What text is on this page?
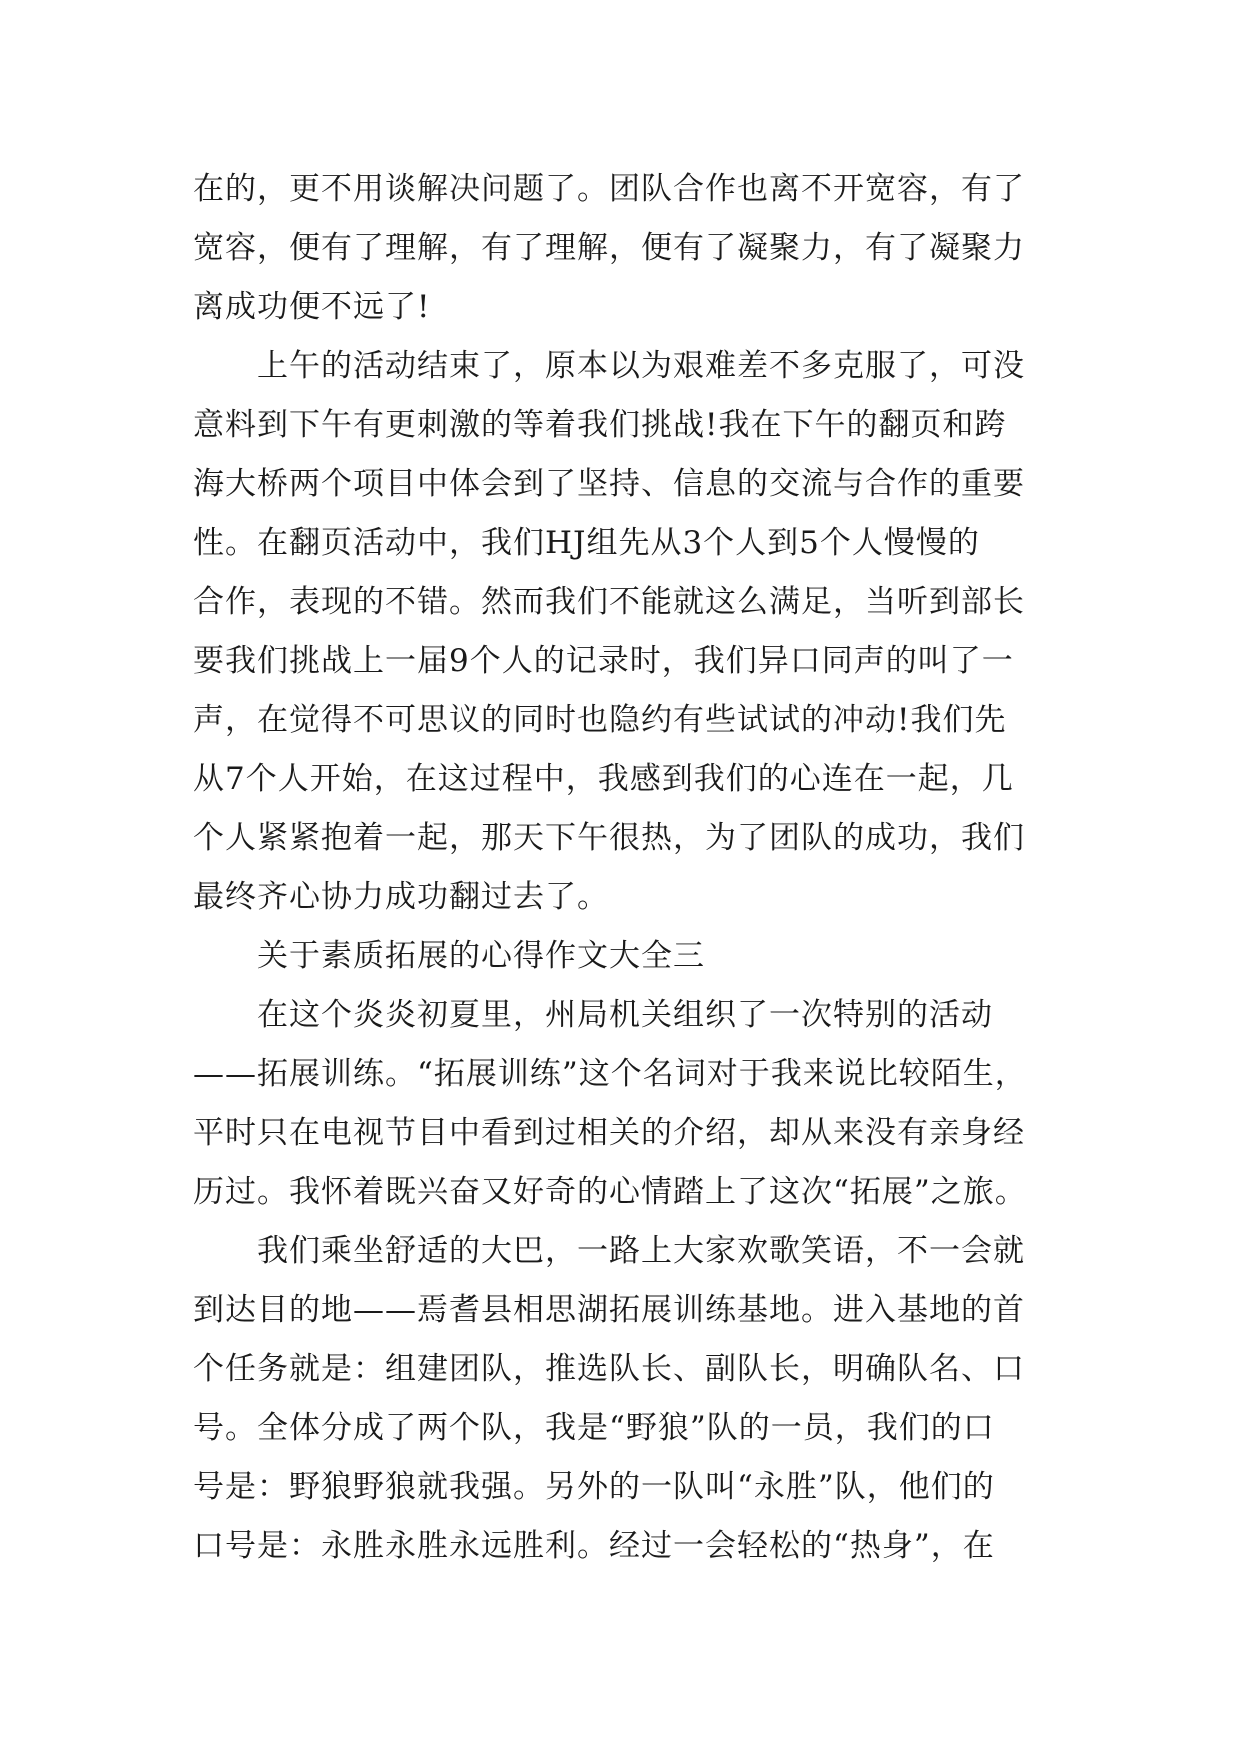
在的，更不用谈解决问题了。团队合作也离不开宽容，有了
宽容，便有了理解，有了理解，便有了凝聚力，有了凝聚力
离成功便不远了!
上午的活动结束了，原本以为艰难差不多克服了，可没
意料到下午有更刺激的等着我们挑战!我在下午的翻页和跨
海大桥两个项目中体会到了坚持、信息的交流与合作的重要
性。在翻页活动中，我们HJ组先从3个人到5个人慢慢的
合作，表现的不错。然而我们不能就这么满足，当听到部长
要我们挑战上一届9个人的记录时，我们异口同声的叫了一
声，在觉得不可思议的同时也隐约有些试试的冲动!我们先
从7个人开始，在这过程中，我感到我们的心连在一起，几
个人紧紧抱着一起，那天下午很热，为了团队的成功，我们
最终齐心协力成功翻过去了。
关于素质拓展的心得作文大全三
在这个炎炎初夏里，州局机关组织了一次特别的活动
——拓展训练。“拓展训练”这个名词对于我来说比较陌生，
平时只在电视节目中看到过相关的介绍，却从来没有亲身经
历过。我怀着既兴奋又好奇的心情踏上了这次“拓展”之旅。
我们乘坐舒适的大巴，一路上大家欢歌笑语，不一会就
到达目的地——焉耆县相思湖拓展训练基地。进入基地的首
个任务就是：组建团队，推选队长、副队长，明确队名、口
号。全体分成了两个队，我是“野狼”队的一员，我们的口
号是：野狼野狼就我强。另外的一队叫“永胜”队，他们的
口号是：永胜永胜永远胜利。经过一会轻松的“热身”，在
